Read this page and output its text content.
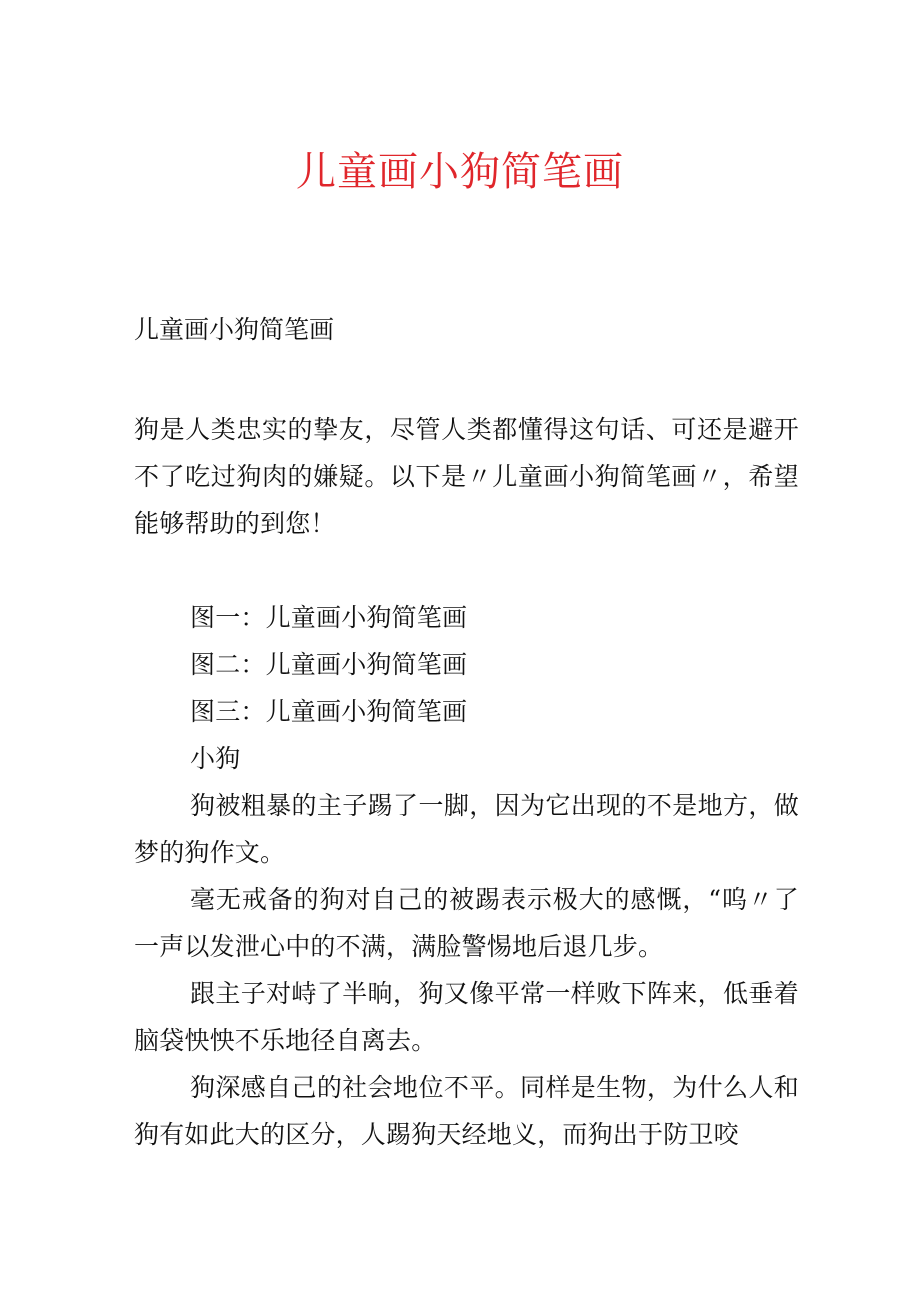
儿童画小狗简笔画
儿童画小狗简笔画

狗是人类忠实的挚友，尽管人类都懂得这句话、可还是避开不了吃过狗肉的嫌疑。以下是〃儿童画小狗简笔画〃，希望能够帮助的到您！

图一：儿童画小狗简笔画

图二：儿童画小狗简笔画

图三：儿童画小狗简笔画

小狗

狗被粗暴的主子踢了一脚，因为它出现的不是地方，做梦的狗作文。

毫无戒备的狗对自己的被踢表示极大的感慨，“呜〃了一声以发泄心中的不满，满脸警惕地后退几步。

跟主子对峙了半晌，狗又像平常一样败下阵来，低垂着脑袋怏怏不乐地径自离去。

狗深感自己的社会地位不平。同样是生物，为什么人和狗有如此大的区分，人踢狗天经地义，而狗出于防卫咬
